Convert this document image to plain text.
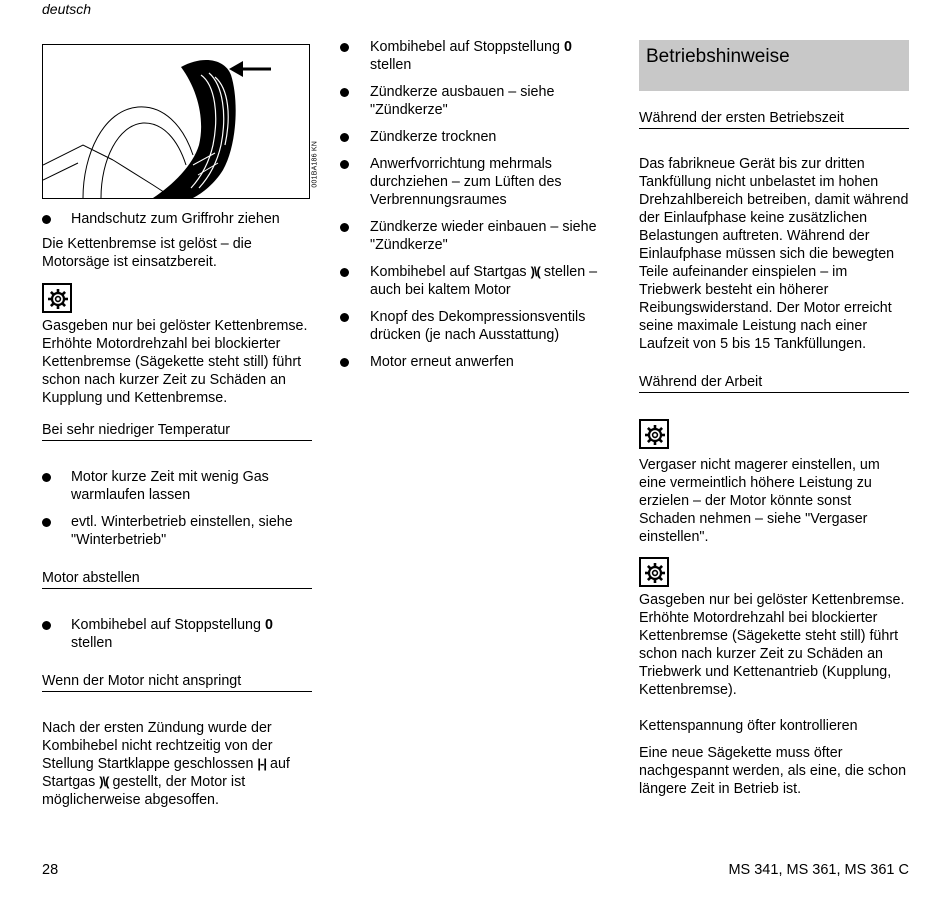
deutsch
001BA186 KN
Handschutz zum Griffrohr ziehen

Die Kettenbremse ist gelöst – die Motorsäge ist einsatzbereit.

Gasgeben nur bei gelöster Kettenbremse. Erhöhte Motordrehzahl bei blockierter Kettenbremse (Sägekette steht still) führt schon nach kurzer Zeit zu Schäden an Kupplung und Kettenbremse.

Bei sehr niedriger Temperatur
Motor kurze Zeit mit wenig Gas warmlaufen lassen
evtl. Winterbetrieb einstellen, siehe "Winterbetrieb"
Motor abstellen
Kombihebel auf Stoppstellung 0
stellen
Wenn der Motor nicht anspringt

Nach der ersten Zündung wurde der Kombihebel nicht rechtzeitig von der Stellung Startklappe geschlossen |-| auf Startgas )\( gestellt, der Motor ist möglicherweise abgesoffen.

Kombihebel auf Stoppstellung 0
stellen
Zündkerze ausbauen – siehe "Zündkerze"
Zündkerze trocknen
Anwerfvorrichtung mehrmals durchziehen – zum Lüften des Verbrennungsraumes
Zündkerze wieder einbauen – siehe "Zündkerze"
Kombihebel auf Startgas )\( stellen – auch bei kaltem Motor
Knopf des Dekompressionsventils drücken (je nach Ausstattung)
Motor erneut anwerfen
Betriebshinweise
Während der ersten Betriebszeit

Das fabrikneue Gerät bis zur dritten Tankfüllung nicht unbelastet im hohen Drehzahlbereich betreiben, damit während der Einlaufphase keine zusätzlichen Belastungen auftreten. Während der Einlaufphase müssen sich die bewegten Teile aufeinander einspielen – im Triebwerk besteht ein höherer Reibungswiderstand. Der Motor erreicht seine maximale Leistung nach einer Laufzeit von 5 bis 15 Tankfüllungen.

Während der Arbeit

Vergaser nicht magerer einstellen, um eine vermeintlich höhere Leistung zu erzielen – der Motor könnte sonst Schaden nehmen – siehe "Vergaser einstellen".

Gasgeben nur bei gelöster Kettenbremse. Erhöhte Motordrehzahl bei blockierter Kettenbremse (Sägekette steht still) führt schon nach kurzer Zeit zu Schäden an Triebwerk und Kettenantrieb (Kupplung, Kettenbremse).

Kettenspannung öfter kontrollieren

Eine neue Sägekette muss öfter nachgespannt werden, als eine, die schon längere Zeit in Betrieb ist.

28	MS 341, MS 361, MS 361 C
